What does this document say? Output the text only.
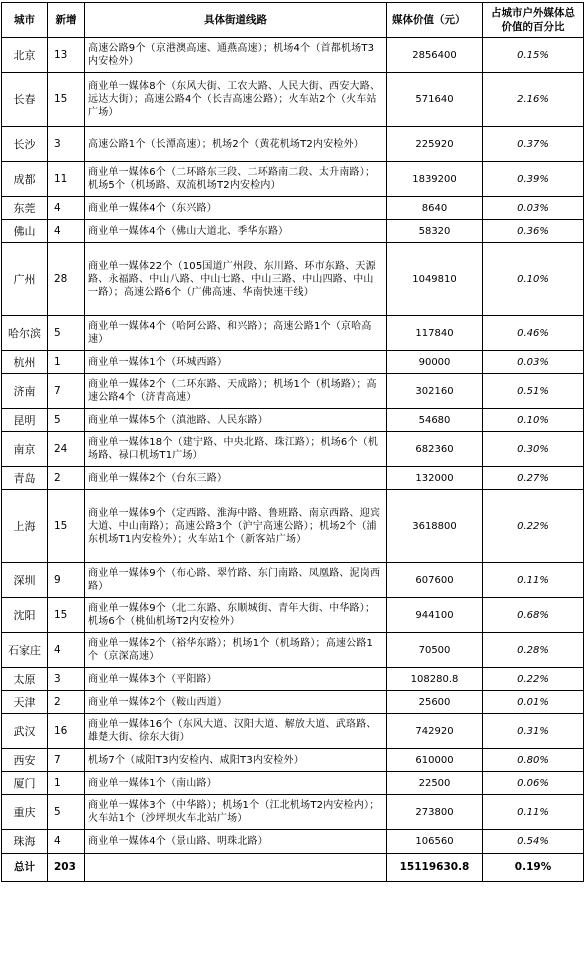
城市	新增	具体街道线路	媒体价值（元）	占城市户外媒体总价值的百分比
北京	13	高速公路9个（京港澳高速、通燕高速）；机场4个（首都机场T3内安检外）	2856400	0.15%
长春	15	商业单一媒体8个（东风大街、工农大路、人民大街、西安大路、远达大街）；高速公路4个（长吉高速公路）；火车站2个（火车站广场）	571640	2.16%
长沙	3	高速公路1个（长潭高速）；机场2个（黄花机场T2内安检外）	225920	0.37%
成都	11	商业单一媒体6个（二环路东三段、二环路南二段、太升南路）；机场5个（机场路、双流机场T2内安检内）	1839200	0.39%
东莞	4	商业单一媒体4个（东兴路）	8640	0.03%
佛山	4	商业单一媒体4个（佛山大道北、季华东路）	58320	0.36%
广州	28	商业单一媒体22个（105国道广州段、东川路、环市东路、天源路、永福路、中山八路、中山七路、中山三路、中山四路、中山一路）；高速公路6个（广佛高速、华南快速干线）	1049810	0.10%
哈尔滨	5	商业单一媒体4个（哈阿公路、和兴路）；高速公路1个（京哈高速）	117840	0.46%
杭州	1	商业单一媒体1个（环城西路）	90000	0.03%
济南	7	商业单一媒体2个（二环东路、天成路）；机场1个（机场路）；高速公路4个（济青高速）	302160	0.51%
昆明	5	商业单一媒体5个（滇池路、人民东路）	54680	0.10%
南京	24	商业单一媒体18个（建宁路、中央北路、珠江路）；机场6个（机场路、禄口机场T1广场）	682360	0.30%
青岛	2	商业单一媒体2个（台东三路）	132000	0.27%
上海	15	商业单一媒体9个（定西路、淮海中路、鲁班路、南京西路、迎宾大道、中山南路）；高速公路3个（沪宁高速公路）；机场2个（浦东机场T1内安检外）；火车站1个（新客站广场）	3618800	0.22%
深圳	9	商业单一媒体9个（布心路、翠竹路、东门南路、凤凰路、泥岗西路）	607600	0.11%
沈阳	15	商业单一媒体9个（北二东路、东顺城街、青年大街、中华路）；机场6个（桃仙机场T2内安检外）	944100	0.68%
石家庄	4	商业单一媒体2个（裕华东路）；机场1个（机场路）；高速公路1个（京深高速）	70500	0.28%
太原	3	商业单一媒体3个（平阳路）	108280.8	0.22%
天津	2	商业单一媒体2个（鞍山西道）	25600	0.01%
武汉	16	商业单一媒体16个（东风大道、汉阳大道、解放大道、武珞路、雄楚大街、徐东大街）	742920	0.31%
西安	7	机场7个（咸阳T3内安检内、咸阳T3内安检外）	610000	0.80%
厦门	1	商业单一媒体1个（南山路）	22500	0.06%
重庆	5	商业单一媒体3个（中华路）；机场1个（江北机场T2内安检内）；火车站1个（沙坪坝火车北站广场）	273800	0.11%
珠海	4	商业单一媒体4个（景山路、明珠北路）	106560	0.54%
总计	203		15119630.8	0.19%
